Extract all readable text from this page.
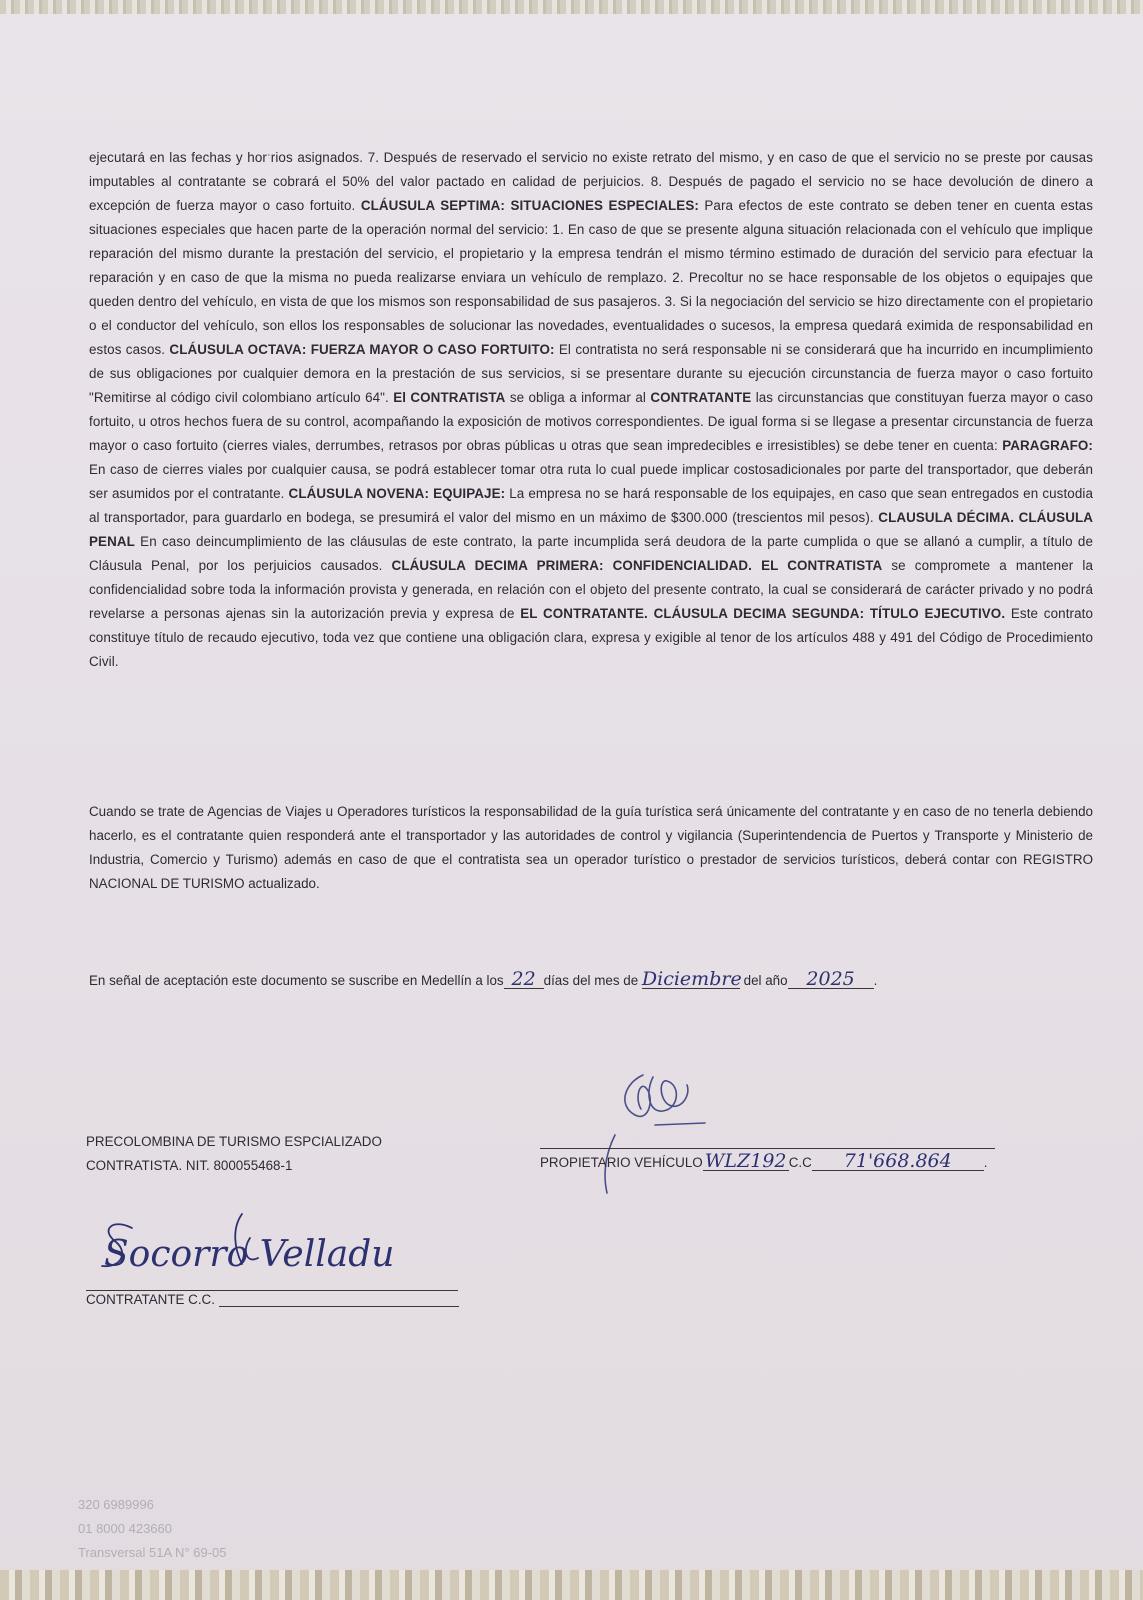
ejecutará en las fechas y horˑrios asignados. 7. Después de reservado el servicio no existe retrato del mismo, y en caso de que el servicio no se preste por causas imputables al contratante se cobrará el 50% del valor pactado en calidad de perjuicios. 8. Después de pagado el servicio no se hace devolución de dinero a excepción de fuerza mayor o caso fortuito. CLÁUSULA SEPTIMA: SITUACIONES ESPECIALES: Para efectos de este contrato se deben tener en cuenta estas situaciones especiales que hacen parte de la operación normal del servicio: 1. En caso de que se presente alguna situación relacionada con el vehículo que implique reparación del mismo durante la prestación del servicio, el propietario y la empresa tendrán el mismo término estimado de duración del servicio para efectuar la reparación y en caso de que la misma no pueda realizarse enviara un vehículo de remplazo. 2. Precoltur no se hace responsable de los objetos o equipajes que queden dentro del vehículo, en vista de que los mismos son responsabilidad de sus pasajeros. 3. Si la negociación del servicio se hizo directamente con el propietario o el conductor del vehículo, son ellos los responsables de solucionar las novedades, eventualidades o sucesos, la empresa quedará eximida de responsabilidad en estos casos. CLÁUSULA OCTAVA: FUERZA MAYOR O CASO FORTUITO: El contratista no será responsable ni se considerará que ha incurrido en incumplimiento de sus obligaciones por cualquier demora en la prestación de sus servicios, si se presentare durante su ejecución circunstancia de fuerza mayor o caso fortuito "Remitirse al código civil colombiano artículo 64". El CONTRATISTA se obliga a informar al CONTRATANTE las circunstancias que constituyan fuerza mayor o caso fortuito, u otros hechos fuera de su control, acompañando la exposición de motivos correspondientes. De igual forma si se llegase a presentar circunstancia de fuerza mayor o caso fortuito (cierres viales, derrumbes, retrasos por obras públicas u otras que sean impredecibles e irresistibles) se debe tener en cuenta: PARAGRAFO: En caso de cierres viales por cualquier causa, se podrá establecer tomar otra ruta lo cual puede implicar costosadicionales por parte del transportador, que deberán ser asumidos por el contratante. CLÁUSULA NOVENA: EQUIPAJE: La empresa no se hará responsable de los equipajes, en caso que sean entregados en custodia al transportador, para guardarlo en bodega, se presumirá el valor del mismo en un máximo de $300.000 (trescientos mil pesos). CLAUSULA DÉCIMA. CLÁUSULA PENAL En caso deincumplimiento de las cláusulas de este contrato, la parte incumplida será deudora de la parte cumplida o que se allanó a cumplir, a título de Cláusula Penal, por los perjuicios causados. CLÁUSULA DECIMA PRIMERA: CONFIDENCIALIDAD. EL CONTRATISTA se compromete a mantener la confidencialidad sobre toda la información provista y generada, en relación con el objeto del presente contrato, la cual se considerará de carácter privado y no podrá revelarse a personas ajenas sin la autorización previa y expresa de EL CONTRATANTE. CLÁUSULA DECIMA SEGUNDA: TÍTULO EJECUTIVO. Este contrato constituye título de recaudo ejecutivo, toda vez que contiene una obligación clara, expresa y exigible al tenor de los artículos 488 y 491 del Código de Procedimiento Civil.
Cuando se trate de Agencias de Viajes u Operadores turísticos la responsabilidad de la guía turística será únicamente del contratante y en caso de no tenerla debiendo hacerlo, es el contratante quien responderá ante el transportador y las autoridades de control y vigilancia (Superintendencia de Puertos y Transporte y Ministerio de Industria, Comercio y Turismo) además en caso de que el contratista sea un operador turístico o prestador de servicios turísticos, deberá contar con REGISTRO NACIONAL DE TURISMO actualizado.
En señal de aceptación este documento se suscribe en Medellín a los 22 días del mes de Diciembre del año 2025 .
PRECOLOMBINA DE TURISMO ESPCIALIZADO
CONTRATISTA. NIT. 800055468-1	PROPIETARIO VEHÍCULO WLZ192 C.C 71'668.864 .
Socorro Velladu
CONTRATANTE C.C.
320 6989996
01 8000 423660
Transversal 51A N° 69-05
